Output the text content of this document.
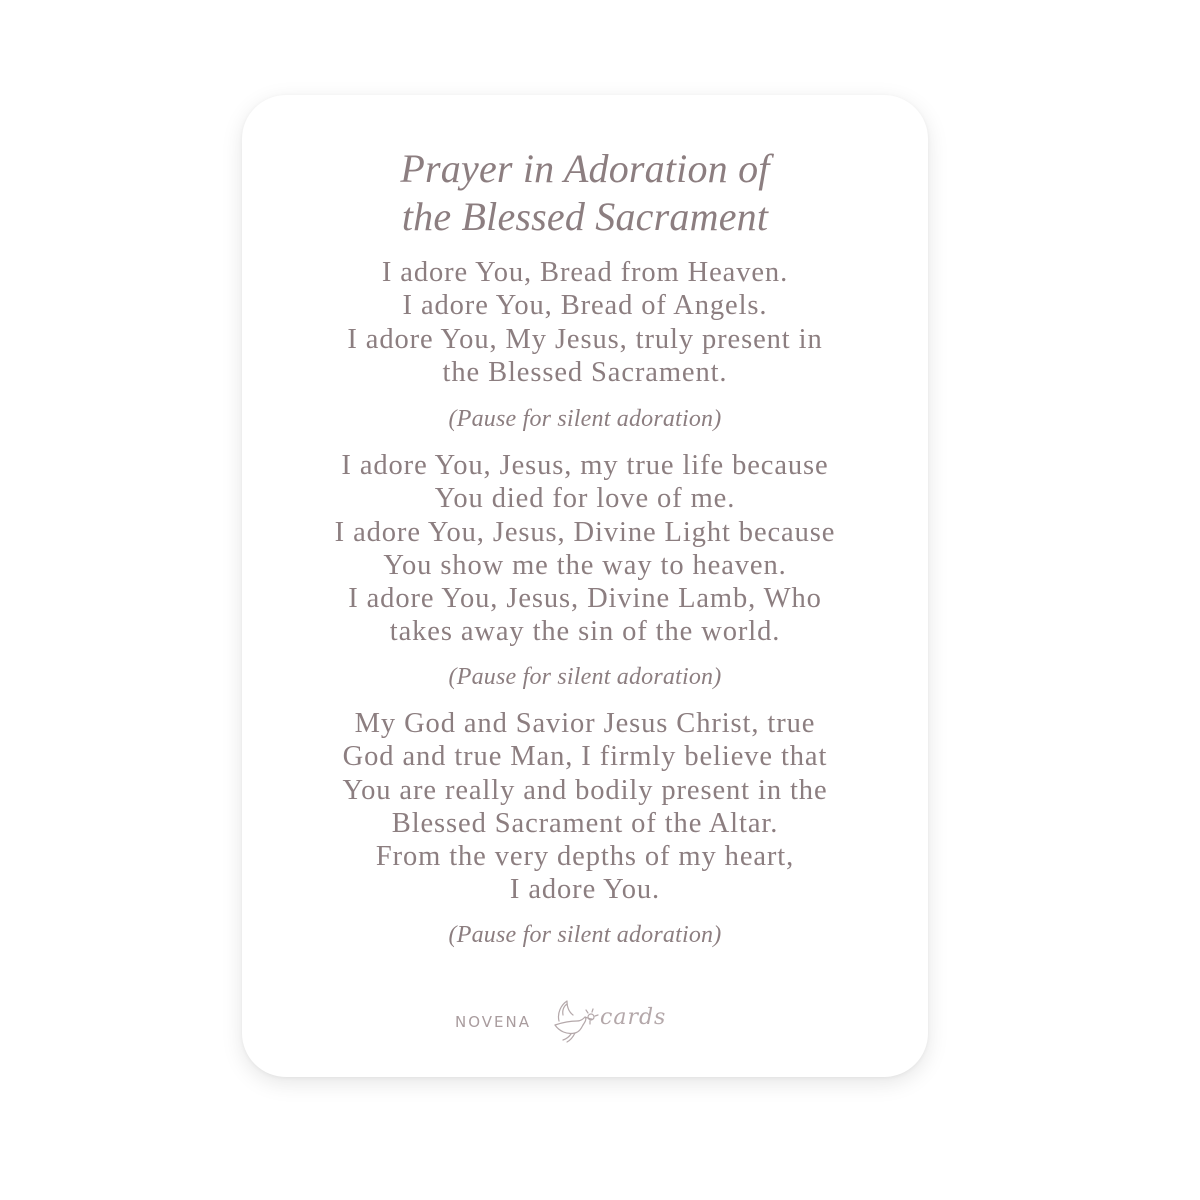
Prayer in Adoration of
the Blessed Sacrament
I adore You, Bread from Heaven.
I adore You, Bread of Angels.
I adore You, My Jesus, truly present in
the Blessed Sacrament.
(Pause for silent adoration)
I adore You, Jesus, my true life because
You died for love of me.
I adore You, Jesus, Divine Light because
You show me the way to heaven.
I adore You, Jesus, Divine Lamb, Who
takes away the sin of the world.
(Pause for silent adoration)
My God and Savior Jesus Christ, true
God and true Man, I firmly believe that
You are really and bodily present in the
Blessed Sacrament of the Altar.
From the very depths of my heart,
I adore You.
(Pause for silent adoration)
NOVENA	cards
